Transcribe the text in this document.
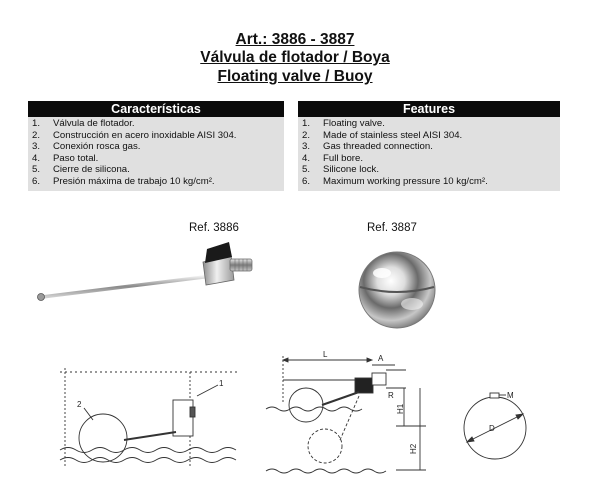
Art.: 3886 - 3887
Válvula de flotador / Boya
Floating valve / Buoy
Características
1. Válvula de flotador.
2. Construcción en acero inoxidable AISI 304.
3. Conexión rosca gas.
4. Paso total.
5. Cierre de silicona.
6. Presión máxima de trabajo 10 kg/cm².
Features
1. Floating valve.
2. Made of stainless steel AISI 304.
3. Gas threaded connection.
4. Full bore.
5. Silicone lock.
6. Maximum working pressure 10 kg/cm².
Ref. 3886	Ref. 3887
1
2
L	A
R
H1
H2
M
D
